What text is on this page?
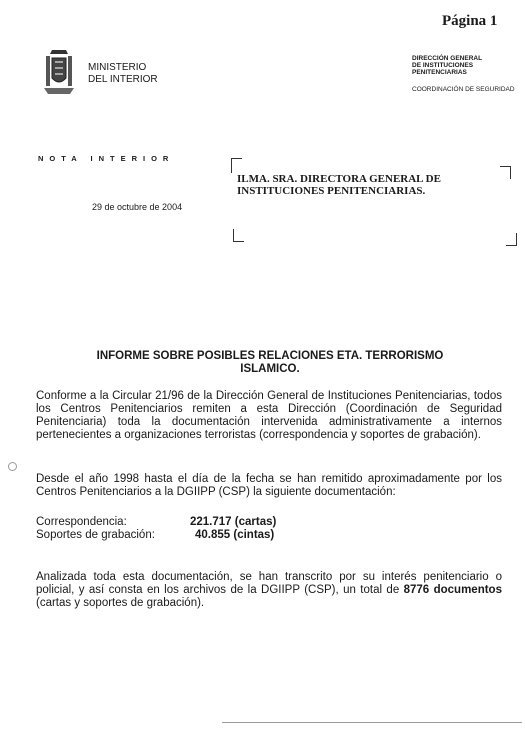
Página 1
MINISTERIO
DEL INTERIOR
DIRECCIÓN GENERAL
DE INSTITUCIONES
PENITENCIARIAS
COORDINACIÓN DE SEGURIDAD
NOTA INTERIOR

29 de octubre de 2004
ILMA. SRA. DIRECTORA GENERAL DE
INSTITUCIONES PENITENCIARIAS.
INFORME SOBRE POSIBLES RELACIONES ETA. TERRORISMO
ISLAMICO.
Conforme a la Circular 21/96 de la Dirección General de Instituciones Penitenciarias, todos los Centros Penitenciarios remiten a esta Dirección (Coordinación de Seguridad Penitenciaria) toda la documentación intervenida administrativamente a internos pertenecientes a organizaciones terroristas (correspondencia y soportes de grabación).
Desde el año 1998 hasta el día de la fecha se han remitido aproximadamente por los Centros Penitenciarios a la DGIIPP (CSP) la siguiente documentación:
Correspondencia:	221.717 (cartas)
Soportes de grabación:	40.855 (cintas)
Analizada toda esta documentación, se han transcrito por su interés penitenciario o policial, y así consta en los archivos de la DGIIPP (CSP), un total de 8776 documentos (cartas y soportes de grabación).
